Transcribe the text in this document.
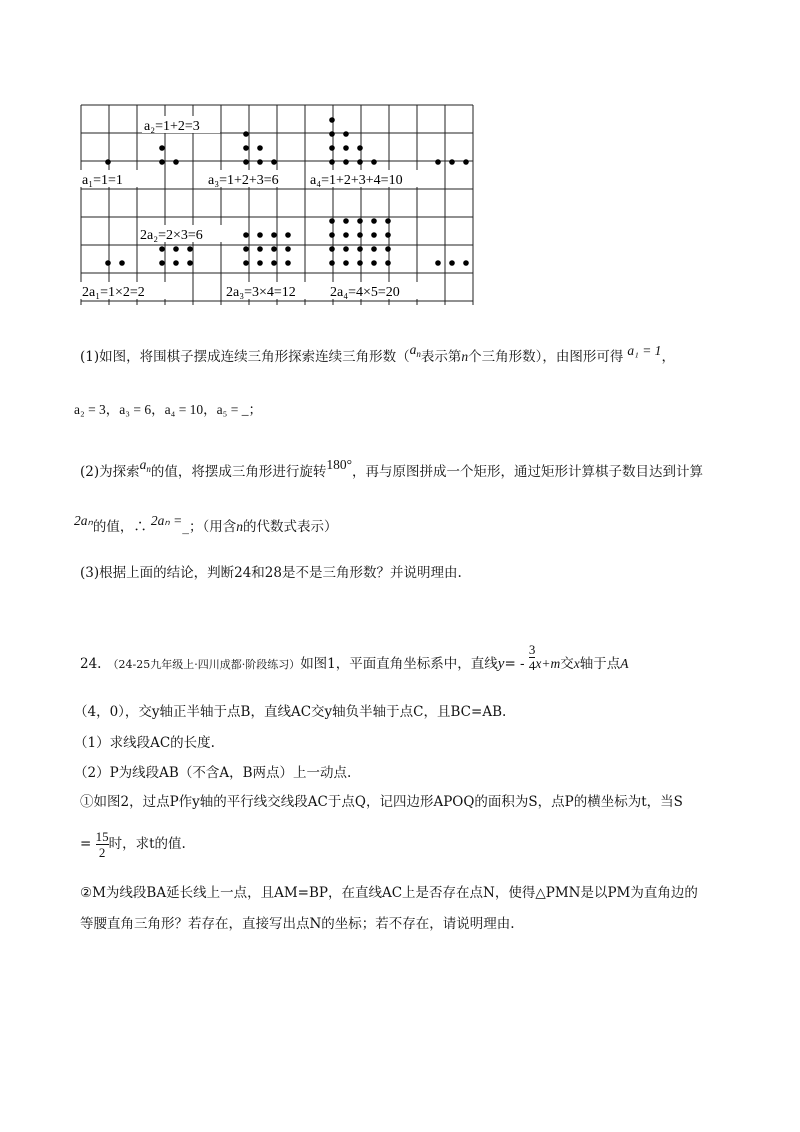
a₂=1+2=3
a₁=1=1	a₃=1+2+3=6 a₄=1+2+3+4=10
2a₂=2×3=6
2a₁=1×2=2	2a₃=3×4=12 2a₄=4×5=20
(1)如图，将围棋子摆成连续三角形探索连续三角形数（$a_n$表示第n个三角形数），由图形可得 a₁ = 1，
a₂ = 3，a₃ = 6，a₄ = 10，a₅ = _；
(2)为探索$a_n$的值，将摆成三角形进行旋转180°，再与原图拼成一个矩形，通过矩形计算棋子数目达到计算
2aₙ的值，∴ 2aₙ =_；（用含n的代数式表示）
(3)根据上面的结论，判断24和28是不是三角形数？并说明理由.
24. （24-25九年级上·四川成都·阶段练习）如图1，平面直角坐标系中，直线$y= - \frac{3}{4} x+m$交x轴于点A
（4，0），交y轴正半轴于点B，直线AC交y轴负半轴于点C，且BC=AB.
（1）求线段AC的长度.
（2）P为线段AB（不含A，B两点）上一动点.
①如图2，过点P作y轴的平行线交线段AC于点Q，记四边形APOQ的面积为S，点P的横坐标为t，当S
= $\frac{15}{2}$ 时，求t的值.
②M为线段BA延长线上一点，且AM=BP，在直线AC上是否存在点N，使得△PMN是以PM为直角边的
等腰直角三角形？若存在，直接写出点N的坐标；若不存在，请说明理由.
